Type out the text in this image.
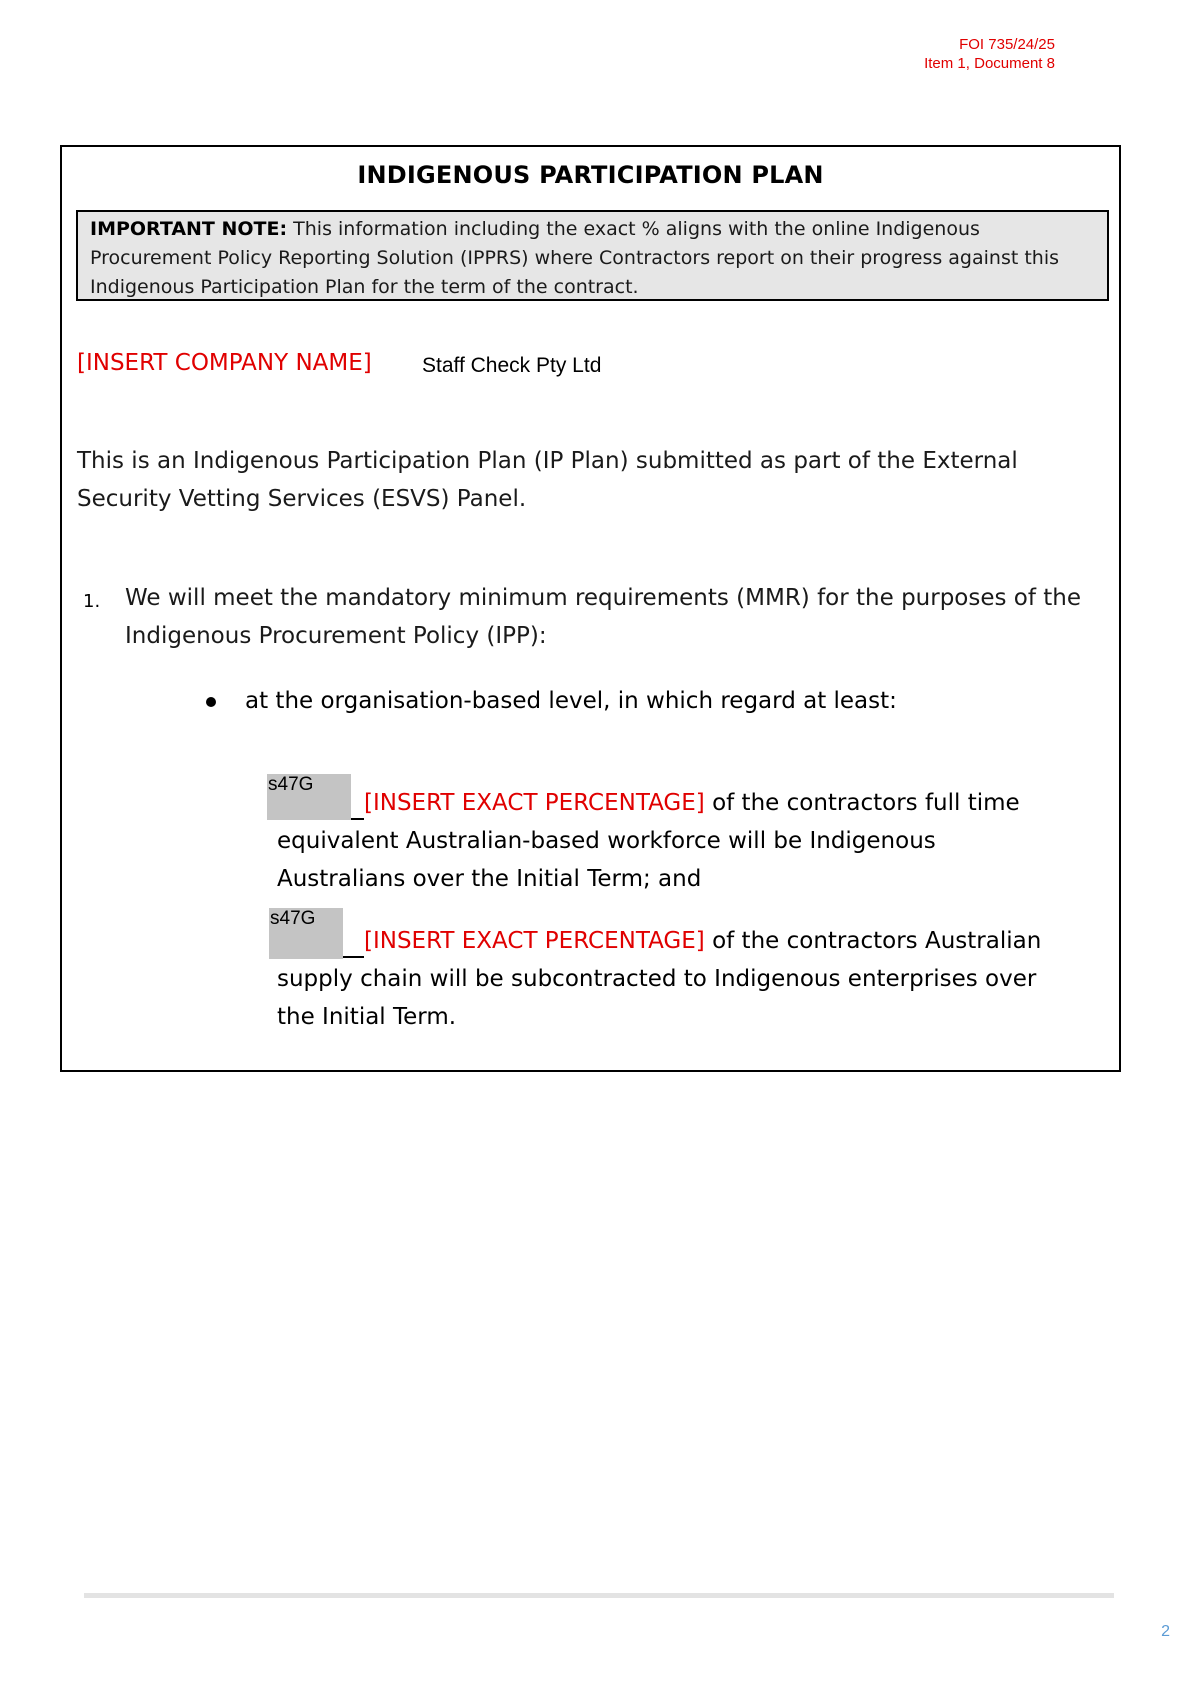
FOI 735/24/25
Item 1, Document 8
INDIGENOUS PARTICIPATION PLAN
IMPORTANT NOTE: This information including the exact % aligns with the online Indigenous Procurement Policy Reporting Solution (IPPRS) where Contractors report on their progress against this Indigenous Participation Plan for the term of the contract.
[INSERT COMPANY NAME] Staff Check Pty Ltd
This is an Indigenous Participation Plan (IP Plan) submitted as part of the External Security Vetting Services (ESVS) Panel.
1. We will meet the mandatory minimum requirements (MMR) for the purposes of the Indigenous Procurement Policy (IPP):
at the organisation-based level, in which regard at least:
s47G
[INSERT EXACT PERCENTAGE] of the contractors full time
equivalent Australian-based workforce will be Indigenous Australians over the Initial Term; and
s47G
[INSERT EXACT PERCENTAGE] of the contractors Australian
supply chain will be subcontracted to Indigenous enterprises over the Initial Term.
2
